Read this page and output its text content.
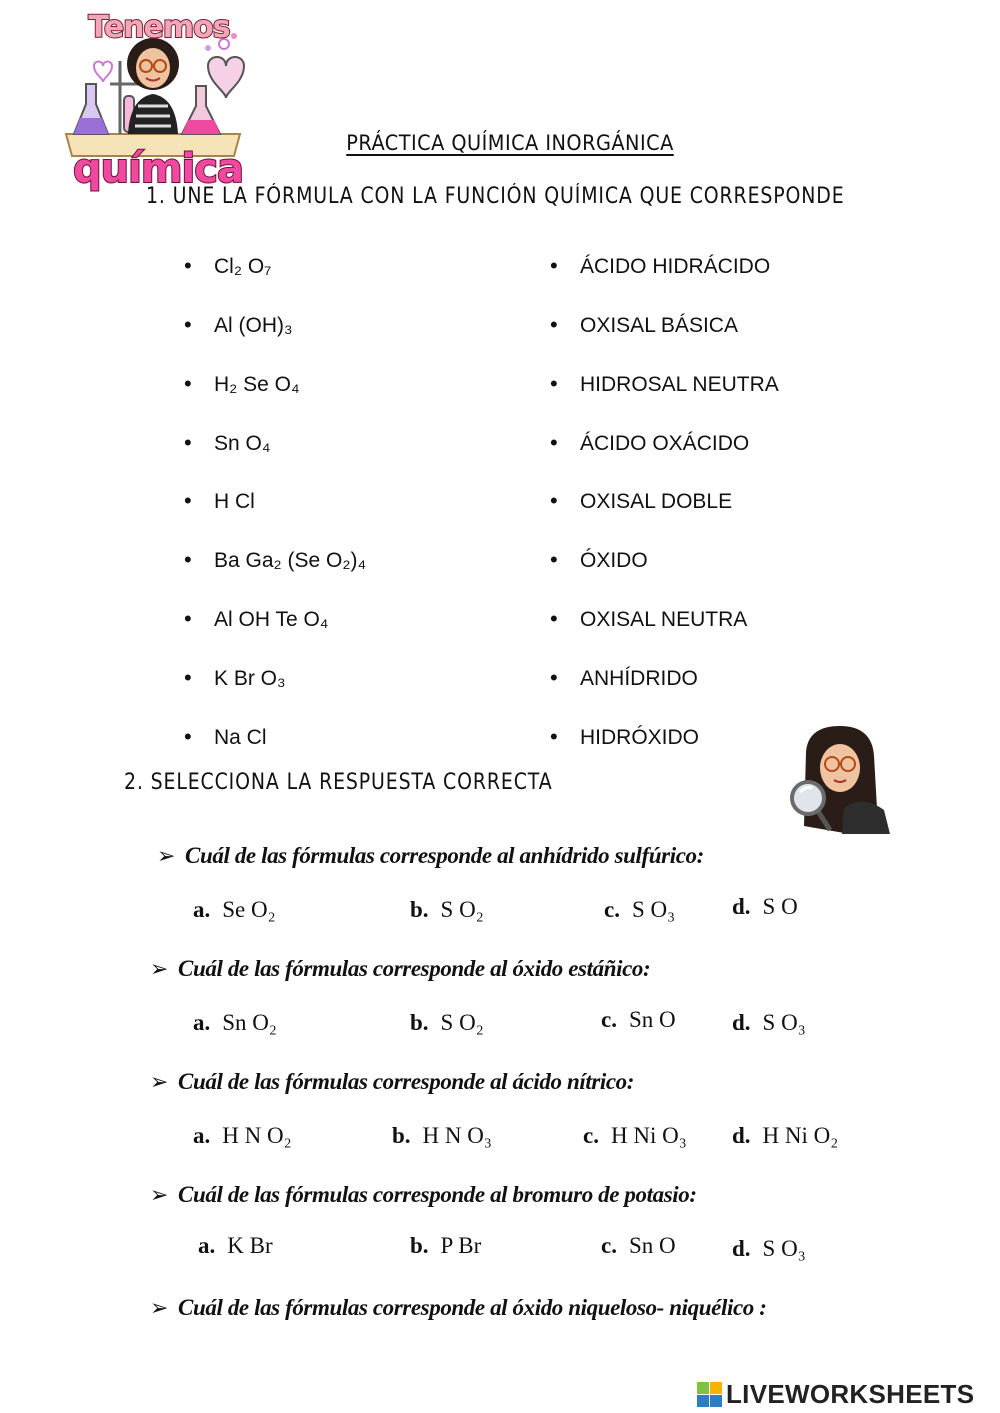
Tenemos
química
PRÁCTICA QUÍMICA INORGÁNICA
1. UNE LA FÓRMULA CON LA FUNCIÓN QUÍMICA QUE CORRESPONDE
• Cl₂ O₇
• Al (OH)₃
• H₂ Se O₄
• Sn O₄
• H Cl
• Ba Ga₂ (Se O₂)₄
• Al OH Te O₄
• K Br O₃
• Na Cl
• ÁCIDO HIDRÁCIDO
• OXISAL BÁSICA
• HIDROSAL NEUTRA
• ÁCIDO OXÁCIDO
• OXISAL DOBLE
• ÓXIDO
• OXISAL NEUTRA
• ANHÍDRIDO
• HIDRÓXIDO
2. SELECCIONA LA RESPUESTA CORRECTA
➢ Cuál de las fórmulas corresponde al anhídrido sulfúrico:
a. Se O₂	b. S O₂	c. S O₃ d. S O
➢ Cuál de las fórmulas corresponde al óxido estáñico:
a. Sn O₂	b. S O₂	c. Sn O d. S O₃
➢ Cuál de las fórmulas corresponde al ácido nítrico:
a. H N O₂	b. H N O₃	c. H Ni O₃ d. H Ni O₂
➢ Cuál de las fórmulas corresponde al bromuro de potasio:
a. K Br	b. P Br	c. Sn O d. S O₃
➢ Cuál de las fórmulas corresponde al óxido niqueloso- niquélico :
LIVEWORKSHEETS
